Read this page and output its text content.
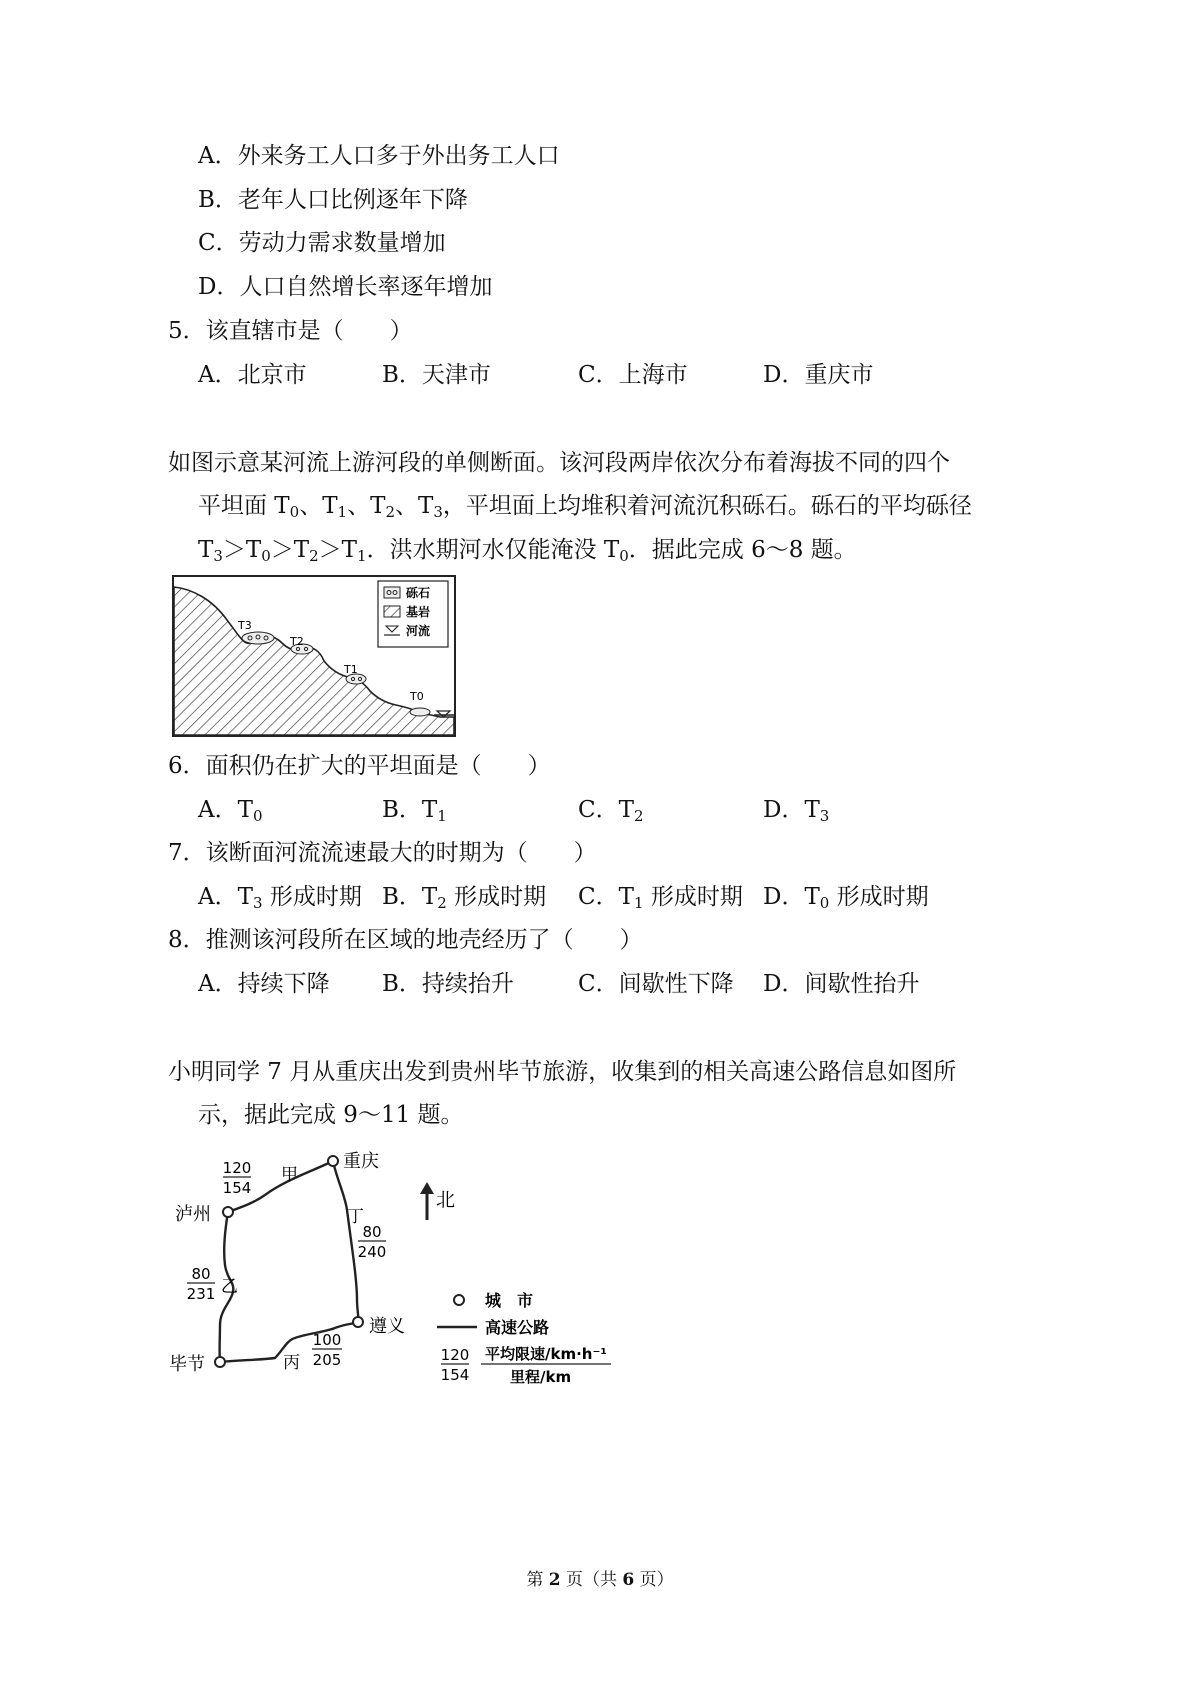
A．外来务工人口多于外出务工人口
B．老年人口比例逐年下降
C．劳动力需求数量增加
D．人口自然增长率逐年增加
5．该直辖市是（　　）
A．北京市	B．天津市	C．上海市	D．重庆市
如图示意某河流上游河段的单侧断面。该河段两岸依次分布着海拔不同的四个
平坦面 $T_0$、$T_1$、$T_2$、$T_3$，平坦面上均堆积着河流沉积砾石。砾石的平均砾径
$T_3>T_0>T_2>T_1$．洪水期河水仅能淹没 $T_0$．据此完成 6～8 题。
T3
T2
T1
T0
砾石
基岩
河流
6．面积仍在扩大的平坦面是（　　）
A．$T_0$	B．$T_1$	C．$T_2$	D．$T_3$
7．该断面河流流速最大的时期为（　　）
A．$T_3$ 形成时期 B．$T_2$ 形成时期 C．$T_1$ 形成时期 D．$T_0$ 形成时期
8．推测该河段所在区域的地壳经历了（　　）
A．持续下降 B．持续抬升	C．间歇性下降 D．间歇性抬升
小明同学 7 月从重庆出发到贵州毕节旅游，收集到的相关高速公路信息如图所
示，据此完成 9～11 题。
重庆
泸州
毕节
遵义
120
154
甲
丁
80
240
80
231 乙
100
205
丙
北
城　市
高速公路
120
154
平均限速/km·h⁻¹
里程/km
第 2 页（共 6 页）
